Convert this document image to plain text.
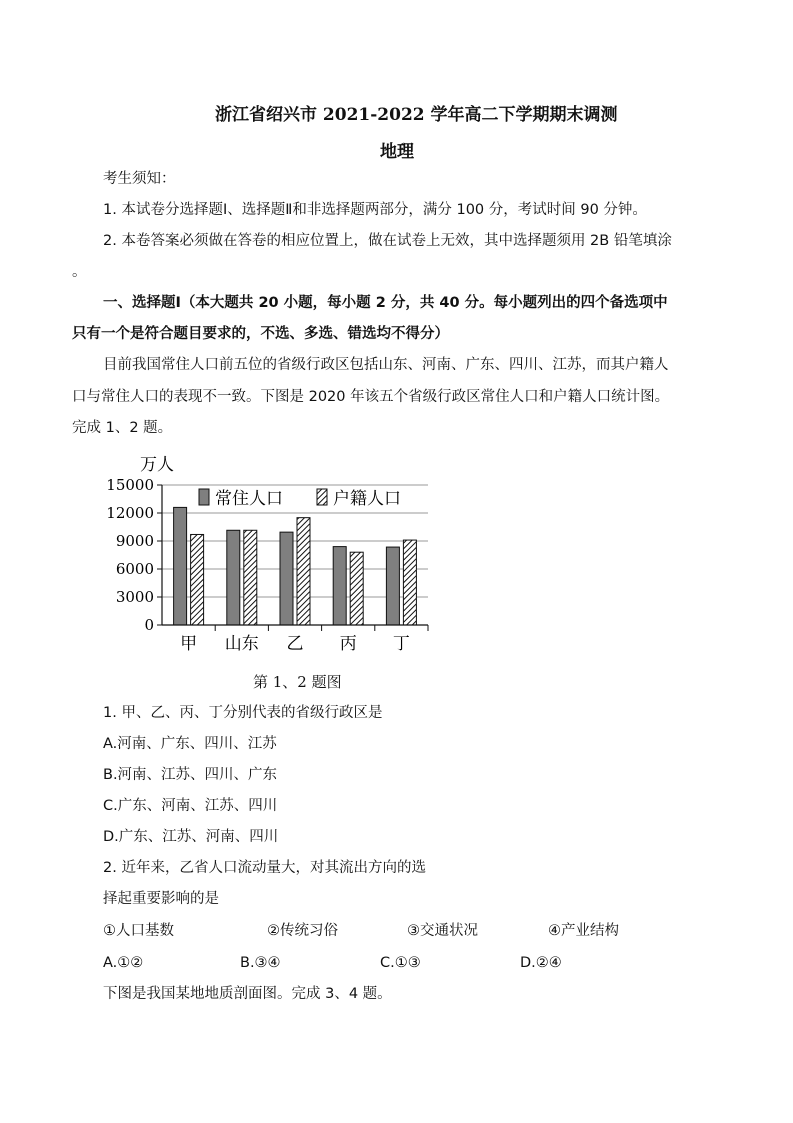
浙江省绍兴市 2021-2022 学年高二下学期期末调测
地理
考生须知：
1. 本试卷分选择题Ⅰ、选择题Ⅱ和非选择题两部分，满分 100 分，考试时间 90 分钟。
2. 本卷答案必须做在答卷的相应位置上，做在试卷上无效，其中选择题须用 2B 铅笔填涂
。
一、选择题Ⅰ（本大题共 20 小题，每小题 2 分，共 40 分。每小题列出的四个备选项中
只有一个是符合题目要求的，不选、多选、错选均不得分）
目前我国常住人口前五位的省级行政区包括山东、河南、广东、四川、江苏，而其户籍人
口与常住人口的表现不一致。下图是 2020 年该五个省级行政区常住人口和户籍人口统计图。
完成 1、2 题。
万人
0
3000
6000
9000
12000
15000
甲 山东 乙 丙 丁
常住人口	户籍人口
第 1、2 题图
1. 甲、乙、丙、丁分别代表的省级行政区是
A.河南、广东、四川、江苏
B.河南、江苏、四川、广东
C.广东、河南、江苏、四川
D.广东、江苏、河南、四川
2. 近年来，乙省人口流动量大，对其流出方向的选
择起重要影响的是
①人口基数	②传统习俗	③交通状况	④产业结构
A.①②	B.③④	C.①③	D.②④
下图是我国某地地质剖面图。完成 3、4 题。
